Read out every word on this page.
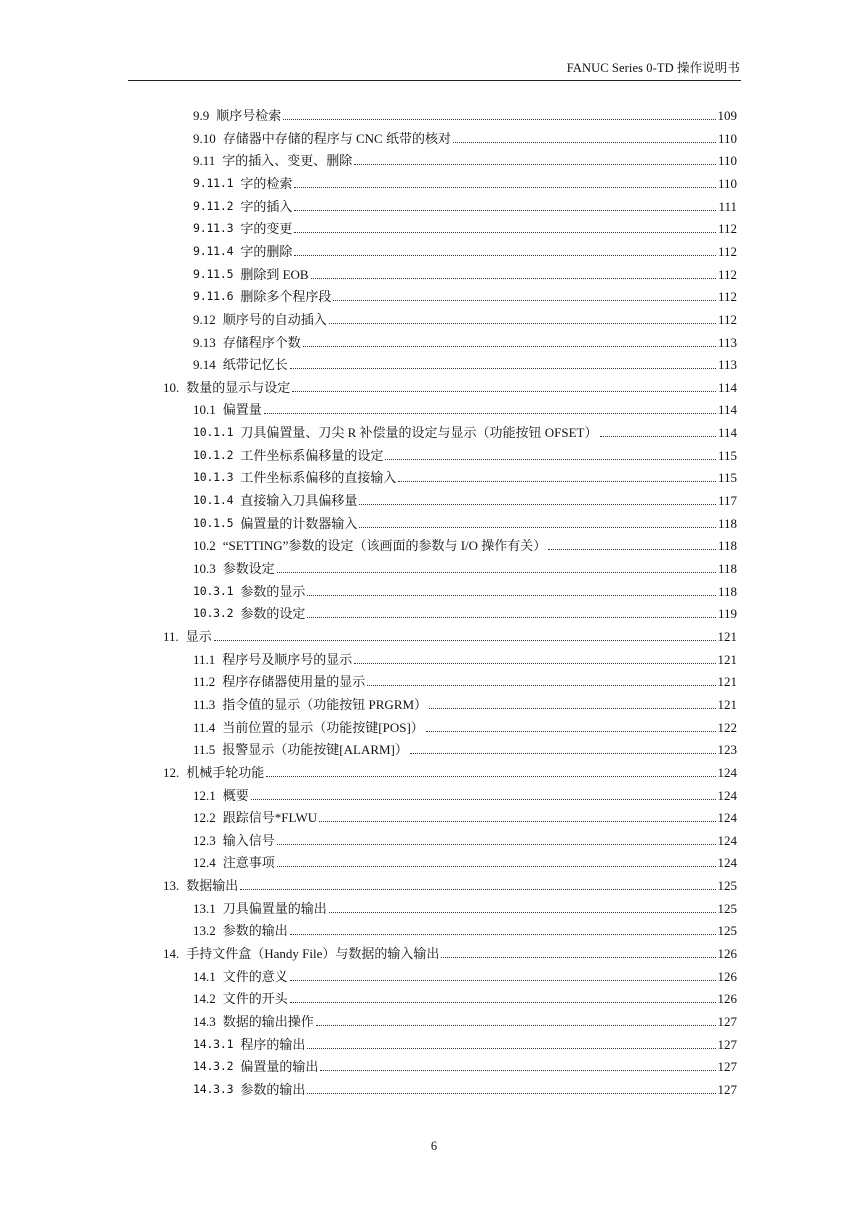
FANUC Series 0-TD 操作说明书
9.9 顺序号检索	109
9.10 存储器中存储的程序与 CNC 纸带的核对	110
9.11 字的插入、变更、删除	110
9.11.1 字的检索	110
9.11.2 字的插入	111
9.11.3 字的变更	112
9.11.4 字的删除	112
9.11.5 删除到 EOB	112
9.11.6 删除多个程序段	112
9.12 顺序号的自动插入	112
9.13 存储程序个数	113
9.14 纸带记忆长	113
10. 数量的显示与设定	114
10.1 偏置量	114
10.1.1 刀具偏置量、刀尖 R 补偿量的设定与显示（功能按钮 OFSET）	114
10.1.2 工件坐标系偏移量的设定	115
10.1.3 工件坐标系偏移的直接输入	115
10.1.4 直接输入刀具偏移量	117
10.1.5 偏置量的计数器输入	118
10.2 “SETTING”参数的设定（该画面的参数与 I/O 操作有关）	118
10.3 参数设定	118
10.3.1 参数的显示	118
10.3.2 参数的设定	119
11. 显示	121
11.1 程序号及顺序号的显示	121
11.2 程序存储器使用量的显示	121
11.3 指令值的显示（功能按钮 PRGRM）	121
11.4 当前位置的显示（功能按键[POS]）	122
11.5 报警显示（功能按键[ALARM]）	123
12. 机械手轮功能	124
12.1 概要	124
12.2 跟踪信号*FLWU	124
12.3 输入信号	124
12.4 注意事项	124
13. 数据输出	125
13.1 刀具偏置量的输出	125
13.2 参数的输出	125
14. 手持文件盒（Handy File）与数据的输入输出	126
14.1 文件的意义	126
14.2 文件的开头	126
14.3 数据的输出操作	127
14.3.1 程序的输出	127
14.3.2 偏置量的输出	127
14.3.3 参数的输出	127
6
